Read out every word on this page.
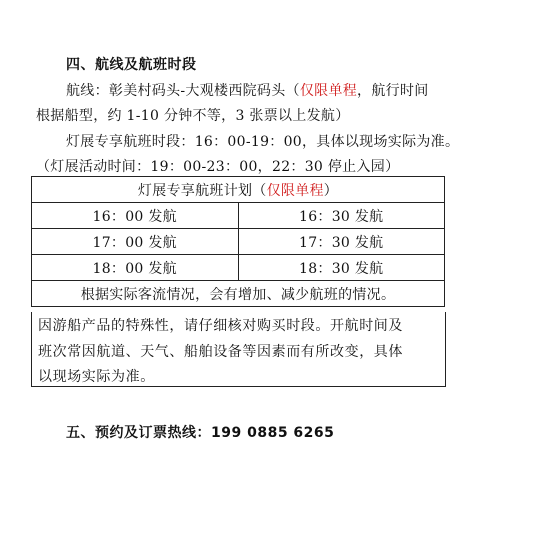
四、航线及航班时段
航线：彰美村码头-大观楼西院码头（仅限单程，航行时间
根据船型，约 1-10 分钟不等，3 张票以上发航）
灯展专享航班时段：16：00-19：00，具体以现场实际为准。
（灯展活动时间：19：00-23：00，22：30 停止入园）
灯展专享航班计划（仅限单程）	
16：00 发航	16：30 发航
17：00 发航	17：30 发航
18：00 发航	18：30 发航
根据实际客流情况，会有增加、减少航班的情况。	
因游船产品的特殊性，请仔细核对购买时段。开航时间及
班次常因航道、天气、船舶设备等因素而有所改变，具体
以现场实际为准。
五、预约及订票热线：199 0885 6265
